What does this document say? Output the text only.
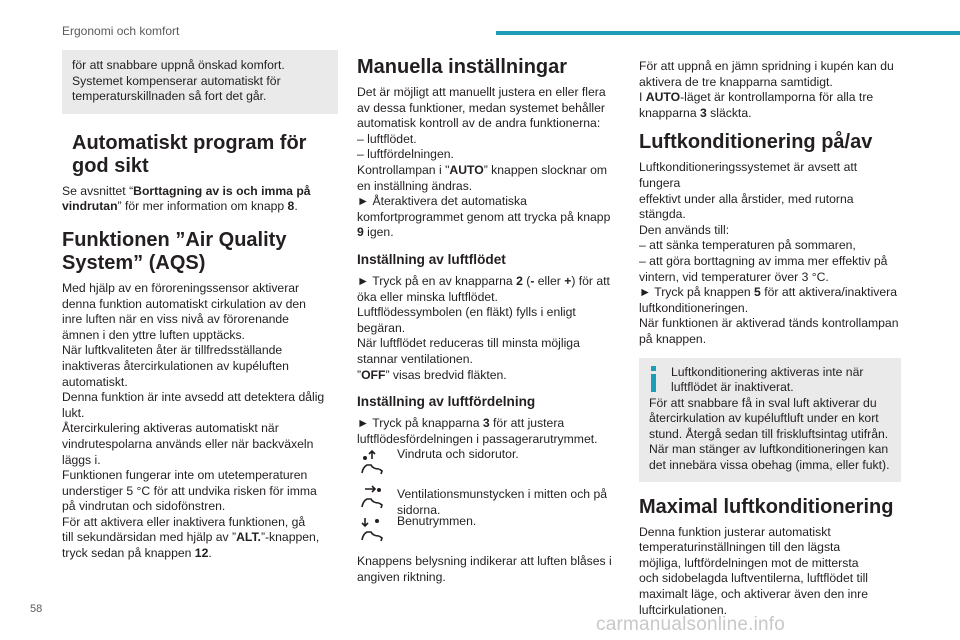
Ergonomi och komfort

för att snabbare uppnå önskad komfort.

Systemet kompenserar automatiskt för

temperaturskillnaden så fort det går.

Automatiskt program för
god sikt

Se avsnittet “Borttagning av is och imma på

vindrutan” för mer information om knapp 8.

Funktionen ”Air Quality
System” (AQS)

Med hjälp av en föroreningssensor aktiverar

denna funktion automatiskt cirkulation av den

inre luften när en viss nivå av förorenande

ämnen i den yttre luften upptäcks.

När luftkvaliteten åter är tillfredsställande

inaktiveras återcirkulationen av kupéluften

automatiskt.

Denna funktion är inte avsedd att detektera dålig

lukt.

Återcirkulering aktiveras automatiskt när

vindrutespolarna används eller när backväxeln

läggs i.

Funktionen fungerar inte om utetemperaturen

understiger 5 °C för att undvika risken för imma

på vindrutan och sidofönstren.

För att aktivera eller inaktivera funktionen, gå

till sekundärsidan med hjälp av ”ALT.”-knappen,

tryck sedan på knappen 12.

Manuella inställningar

Det är möjligt att manuellt justera en eller flera

av dessa funktioner, medan systemet behåller

automatisk kontroll av de andra funktionerna:

– luftflödet.

– luftfördelningen.

Kontrollampan i "AUTO” knappen slocknar om

en inställning ändras.

► Återaktivera det automatiska

komfortprogrammet genom att trycka på knapp

9 igen.

Inställning av luftflödet

► Tryck på en av knapparna 2 (- eller +) för att

öka eller minska luftflödet.

Luftflödessymbolen (en fläkt) fylls i enligt

begäran.

När luftflödet reduceras till minsta möjliga

stannar ventilationen.

”OFF” visas bredvid fläkten.

Inställning av luftfördelning

► Tryck på knapparna 3 för att justera

luftflödesfördelningen i passagerarutrymmet.

Vindruta och sidorutor.

Ventilationsmunstycken i mitten och på

sidorna.

Benutrymmen.

Knappens belysning indikerar att luften blåses i

angiven riktning.

För att uppnå en jämn spridning i kupén kan du

aktivera de tre knapparna samtidigt.

I AUTO-läget är kontrollamporna för alla tre

knapparna 3 släckta.

Luftkonditionering på/av

Luftkonditioneringssystemet är avsett att fungera

effektivt under alla årstider, med rutorna stängda.

Den används till:

– att sänka temperaturen på sommaren,

– att göra borttagning av imma mer effektiv på

vintern, vid temperaturer över 3 °C.

► Tryck på knappen 5 för att aktivera/inaktivera

luftkonditioneringen.

När funktionen är aktiverad tänds kontrollampan

på knappen.

Luftkonditionering aktiveras inte när

luftflödet är inaktiverat.

För att snabbare få in sval luft aktiverar du

återcirkulation av kupéluftluft under en kort

stund. Återgå sedan till friskluftsintag utifrån.

När man stänger av luftkonditioneringen kan

det innebära vissa obehag (imma, eller fukt).

Maximal luftkonditionering

Denna funktion justerar automatiskt

temperaturinställningen till den lägsta

möjliga, luftfördelningen mot de mittersta

och sidobelagda luftventilerna, luftflödet till

maximalt läge, och aktiverar även den inre

luftcirkulationen.

58
carmanualsonline.info
